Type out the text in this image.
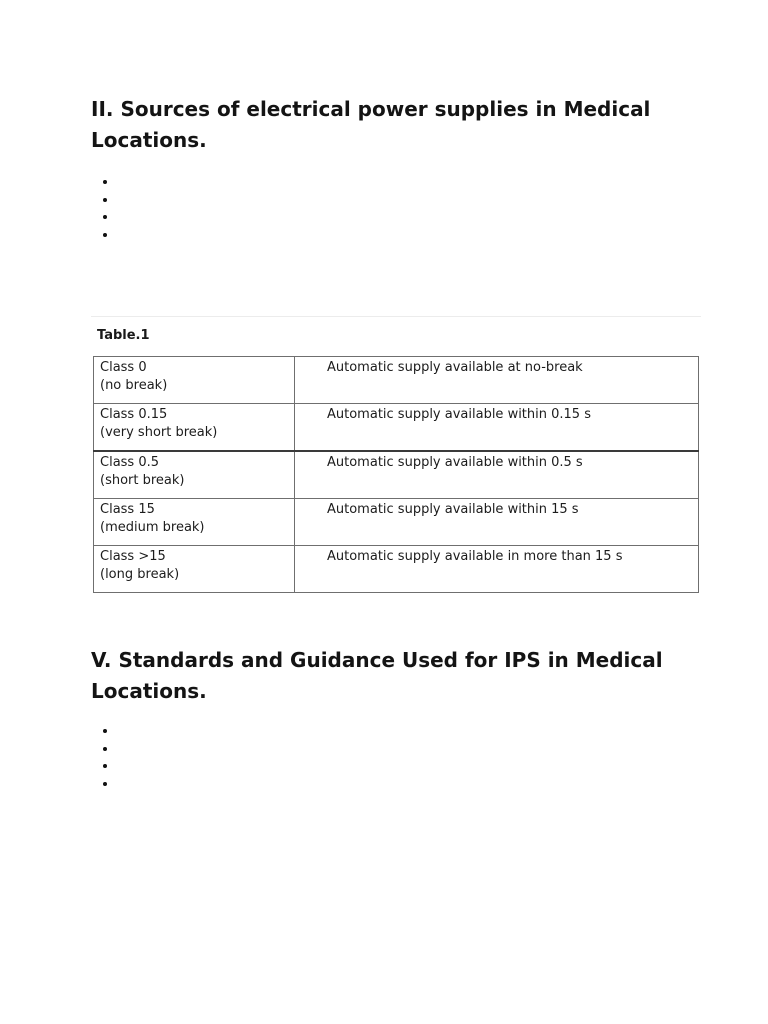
II. Sources of electrical power supplies in Medical Locations.
Table.1
Class 0
(no break)	Automatic supply available at no-break

Class 0.15
(very short break)	Automatic supply available within 0.15 s

Class 0.5
(short break)	Automatic supply available within 0.5 s

Class 15
(medium break)	Automatic supply available within 15 s

Class >15
(long break)	Automatic supply available in more than 15 s
V. Standards and Guidance Used for IPS in Medical Locations.
